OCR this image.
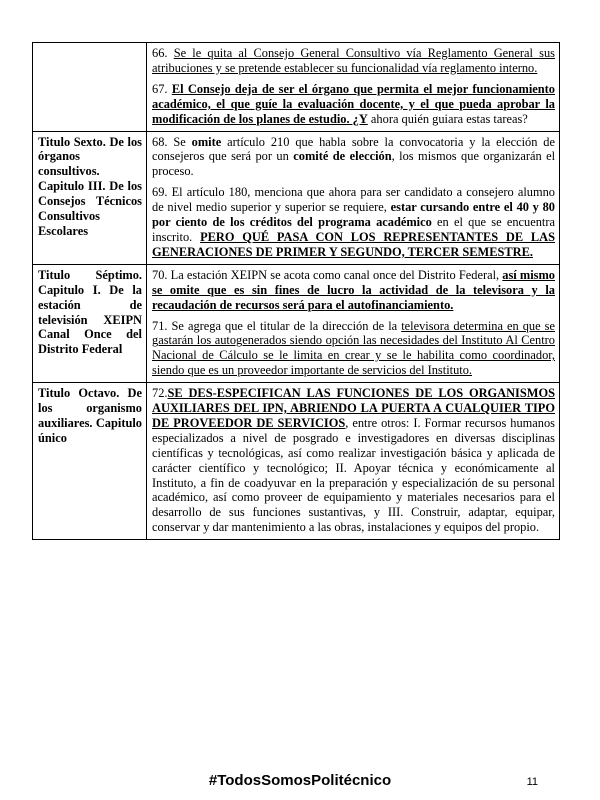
	66. Se le quita al Consejo General Consultivo vía Reglamento General sus atribuciones y se pretende establecer su funcionalidad vía reglamento interno.
67. El Consejo deja de ser el órgano que permita el mejor funcionamiento académico, el que guíe la evaluación docente, y el que pueda aprobar la modificación de los planes de estudio. ¿Y ahora quién guiara estas tareas?

Titulo Sexto. De los órganos consultivos. Capitulo III. De los Consejos Técnicos Consultivos Escolares	68. Se omite artículo 210 que habla sobre la convocatoria y la elección de consejeros que será por un comité de elección, los mismos que organizarán el proceso.
69. El artículo 180, menciona que ahora para ser candidato a consejero alumno de nivel medio superior y superior se requiere, estar cursando entre el 40 y 80 por ciento de los créditos del programa académico en el que se encuentra inscrito. PERO QUÉ PASA CON LOS REPRESENTANTES DE LAS GENERACIONES DE PRIMER Y SEGUNDO, TERCER SEMESTRE.

Titulo Séptimo. Capitulo I. De la estación de televisión XEIPN Canal Once del Distrito Federal	70. La estación XEIPN se acota como canal once del Distrito Federal, así mismo se omite que es sin fines de lucro la actividad de la televisora y la recaudación de recursos será para el autofinanciamiento.
71. Se agrega que el titular de la dirección de la televisora determina en que se gastarán los autogenerados siendo opción las necesidades del Instituto Al Centro Nacional de Cálculo se le limita en crear y se le habilita como coordinador, siendo que es un proveedor importante de servicios del Instituto.

Titulo Octavo. De los organismo auxiliares. Capitulo único	72.SE DES-ESPECIFICAN LAS FUNCIONES DE LOS ORGANISMOS AUXILIARES DEL IPN, ABRIENDO LA PUERTA A CUALQUIER TIPO DE PROVEEDOR DE SERVICIOS, entre otros: I. Formar recursos humanos especializados a nivel de posgrado e investigadores en diversas disciplinas científicas y tecnológicas, así como realizar investigación básica y aplicada de carácter científico y tecnológico; II. Apoyar técnica y económicamente al Instituto, a fin de coadyuvar en la preparación y especialización de su personal académico, así como proveer de equipamiento y materiales necesarios para el desarrollo de sus funciones sustantivas, y III. Construir, adaptar, equipar, conservar y dar mantenimiento a las obras, instalaciones y equipos del propio.
#TodosSomosPolitécnico	11
